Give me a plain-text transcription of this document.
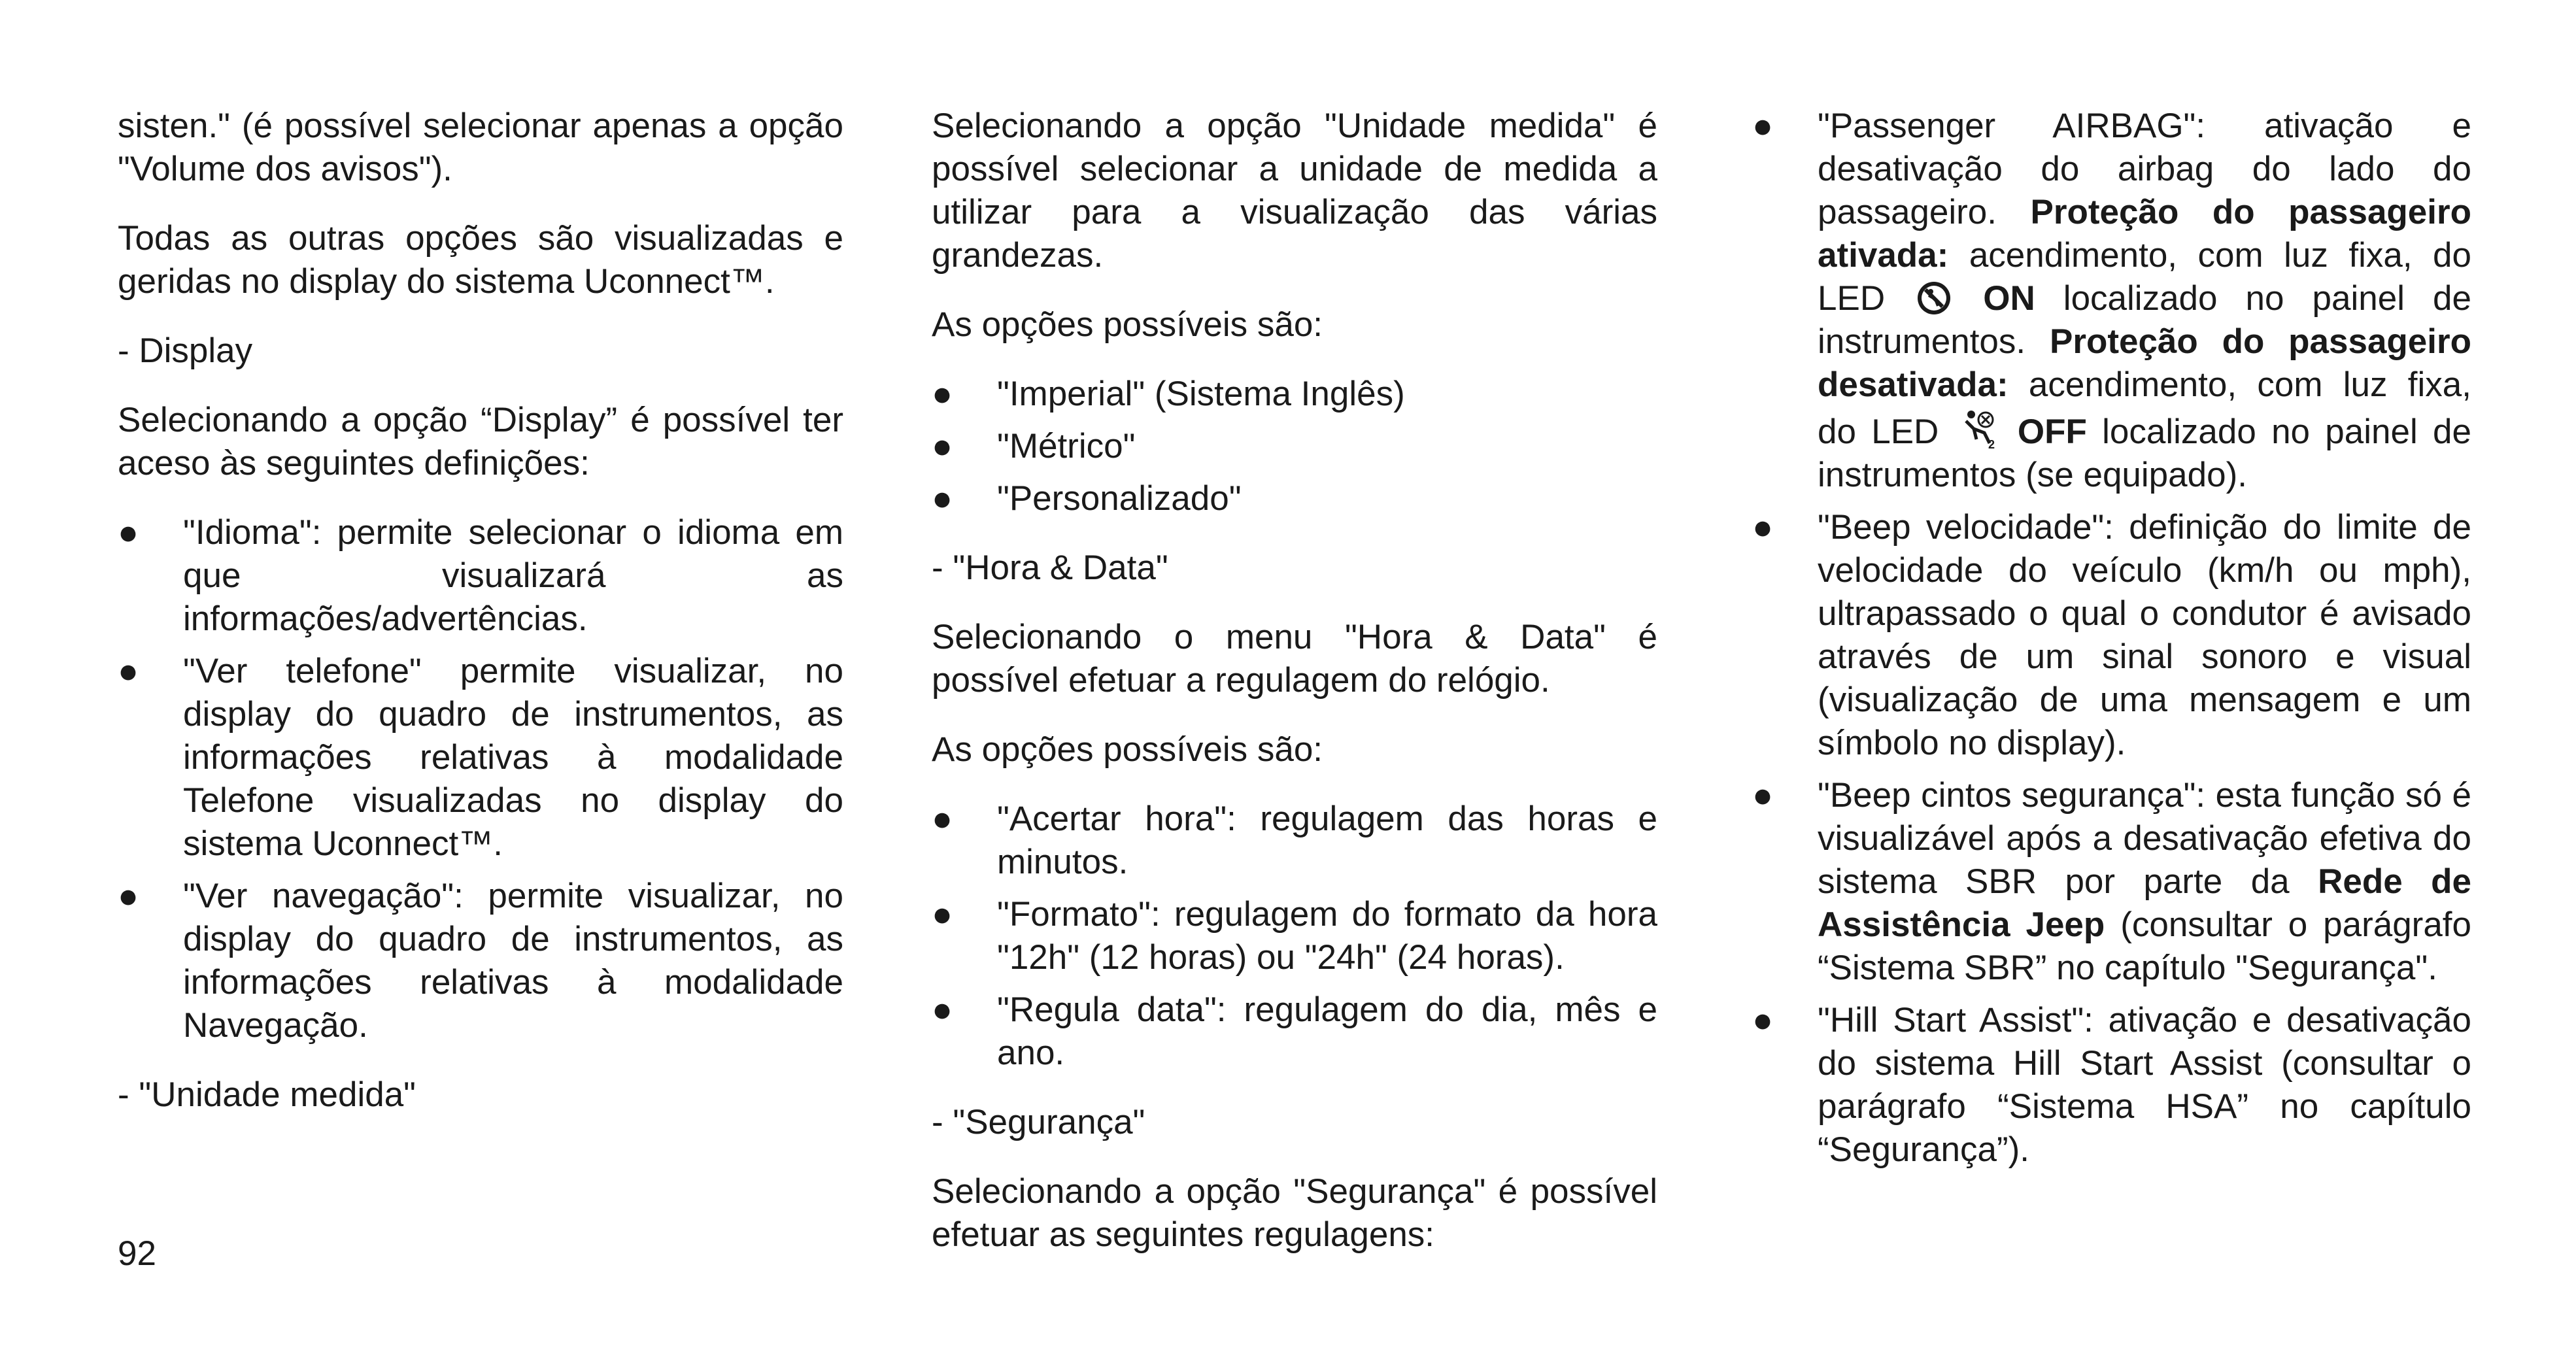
sisten." (é possível selecionar apenas a opção "Volume dos avisos").

Todas as outras opções são visualizadas e geridas no display do sistema Uconnect™.

- Display

Selecionando a opção “Display” é possível ter aceso às seguintes definições:

● "Idioma": permite selecionar o idioma em que visualizará as informações/advertências.
● "Ver telefone" permite visualizar, no display do quadro de instrumentos, as informações relativas à modalidade Telefone visualizadas no display do sistema Uconnect™.
● "Ver navegação": permite visualizar, no display do quadro de instrumentos, as informações relativas à modalidade Navegação.

- "Unidade medida"

Selecionando a opção "Unidade medida" é possível selecionar a unidade de medida a utilizar para a visualização das várias grandezas.

As opções possíveis são:

● "Imperial" (Sistema Inglês)
● "Métrico"
● "Personalizado"

- "Hora & Data"

Selecionando o menu "Hora & Data" é possível efetuar a regulagem do relógio.

As opções possíveis são:

● "Acertar hora": regulagem das horas e minutos.
● "Formato": regulagem do formato da hora "12h" (12 horas) ou "24h" (24 horas).
● "Regula data": regulagem do dia, mês e ano.

- "Segurança"

Selecionando a opção "Segurança" é possível efetuar as seguintes regulagens:

● "Passenger AIRBAG": ativação e desativação do airbag do lado do passageiro. Proteção do passageiro ativada: acendimento, com luz fixa, do LED	ON localizado no painel de instrumentos. Proteção do passageiro desativada: acendimento, com luz fixa, do LED	2 OFF localizado no painel de instrumentos (se equipado).
● "Beep velocidade": definição do limite de velocidade do veículo (km/h ou mph), ultrapassado o qual o condutor é avisado através de um sinal sonoro e visual (visualização de uma mensagem e um símbolo no display).
● "Beep cintos segurança": esta função só é visualizável após a desativação efetiva do sistema SBR por parte da Rede de Assistência Jeep (consultar o parágrafo “Sistema SBR” no capítulo "Segurança".
● "Hill Start Assist": ativação e desativação do sistema Hill Start Assist (consultar o parágrafo “Sistema HSA” no capítulo “Segurança”).
92
